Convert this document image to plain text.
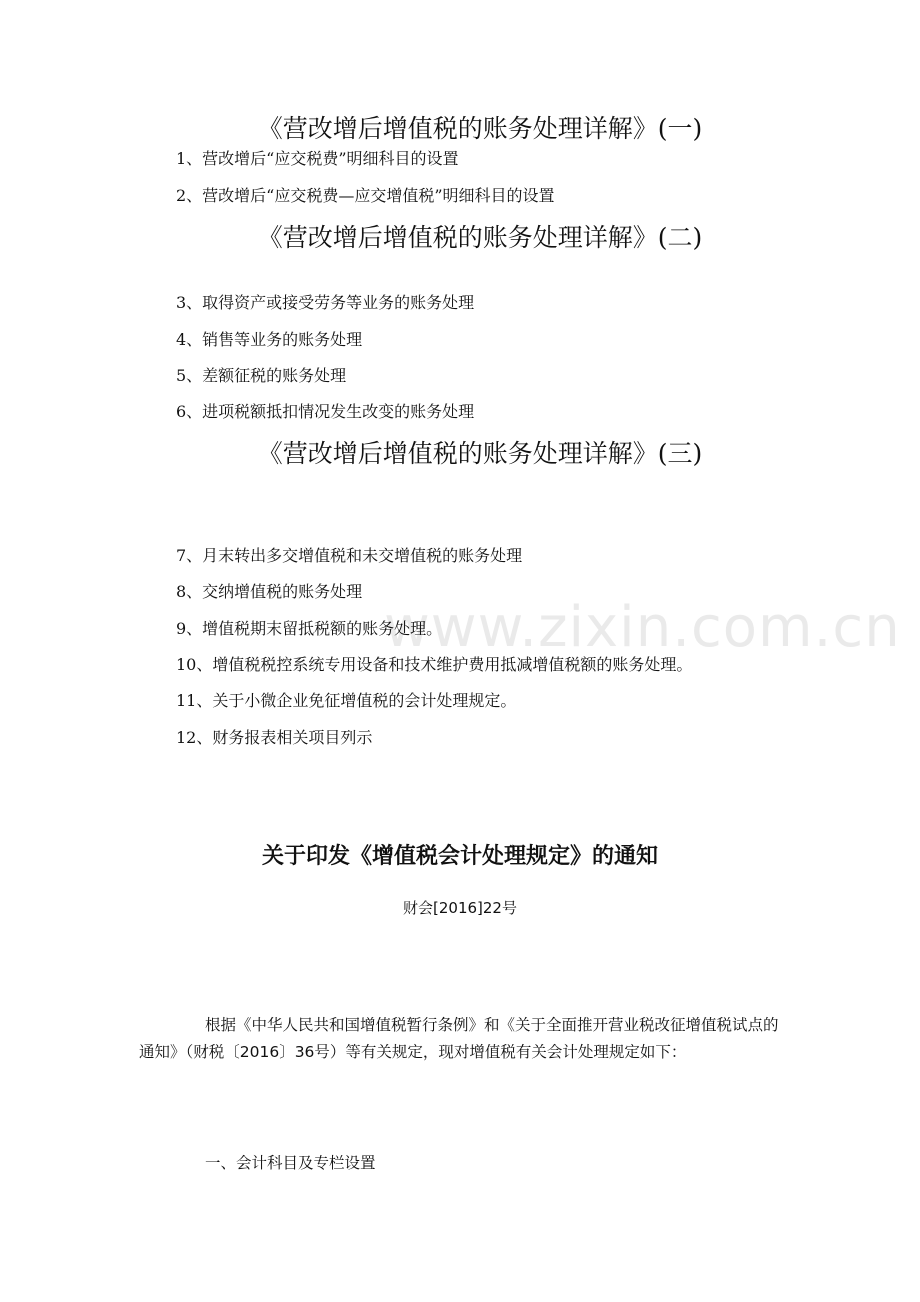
www.zixin.com.cn
《营改增后增值税的账务处理详解》(一)
1、营改增后“应交税费”明细科目的设置
2、营改增后“应交税费—应交增值税”明细科目的设置
《营改增后增值税的账务处理详解》(二)
3、取得资产或接受劳务等业务的账务处理
4、销售等业务的账务处理
5、差额征税的账务处理
6、进项税额抵扣情况发生改变的账务处理
《营改增后增值税的账务处理详解》(三)
7、月末转出多交增值税和未交增值税的账务处理
8、交纳增值税的账务处理
9、增值税期末留抵税额的账务处理。
10、增值税税控系统专用设备和技术维护费用抵减增值税额的账务处理。
11、关于小微企业免征增值税的会计处理规定。
12、财务报表相关项目列示
关于印发《增值税会计处理规定》的通知
财会[2016]22号
根据《中华人民共和国增值税暂行条例》和《关于全面推开营业税改征增值税试点的通知》（财税〔2016〕36号）等有关规定，现对增值税有关会计处理规定如下：
一、会计科目及专栏设置
